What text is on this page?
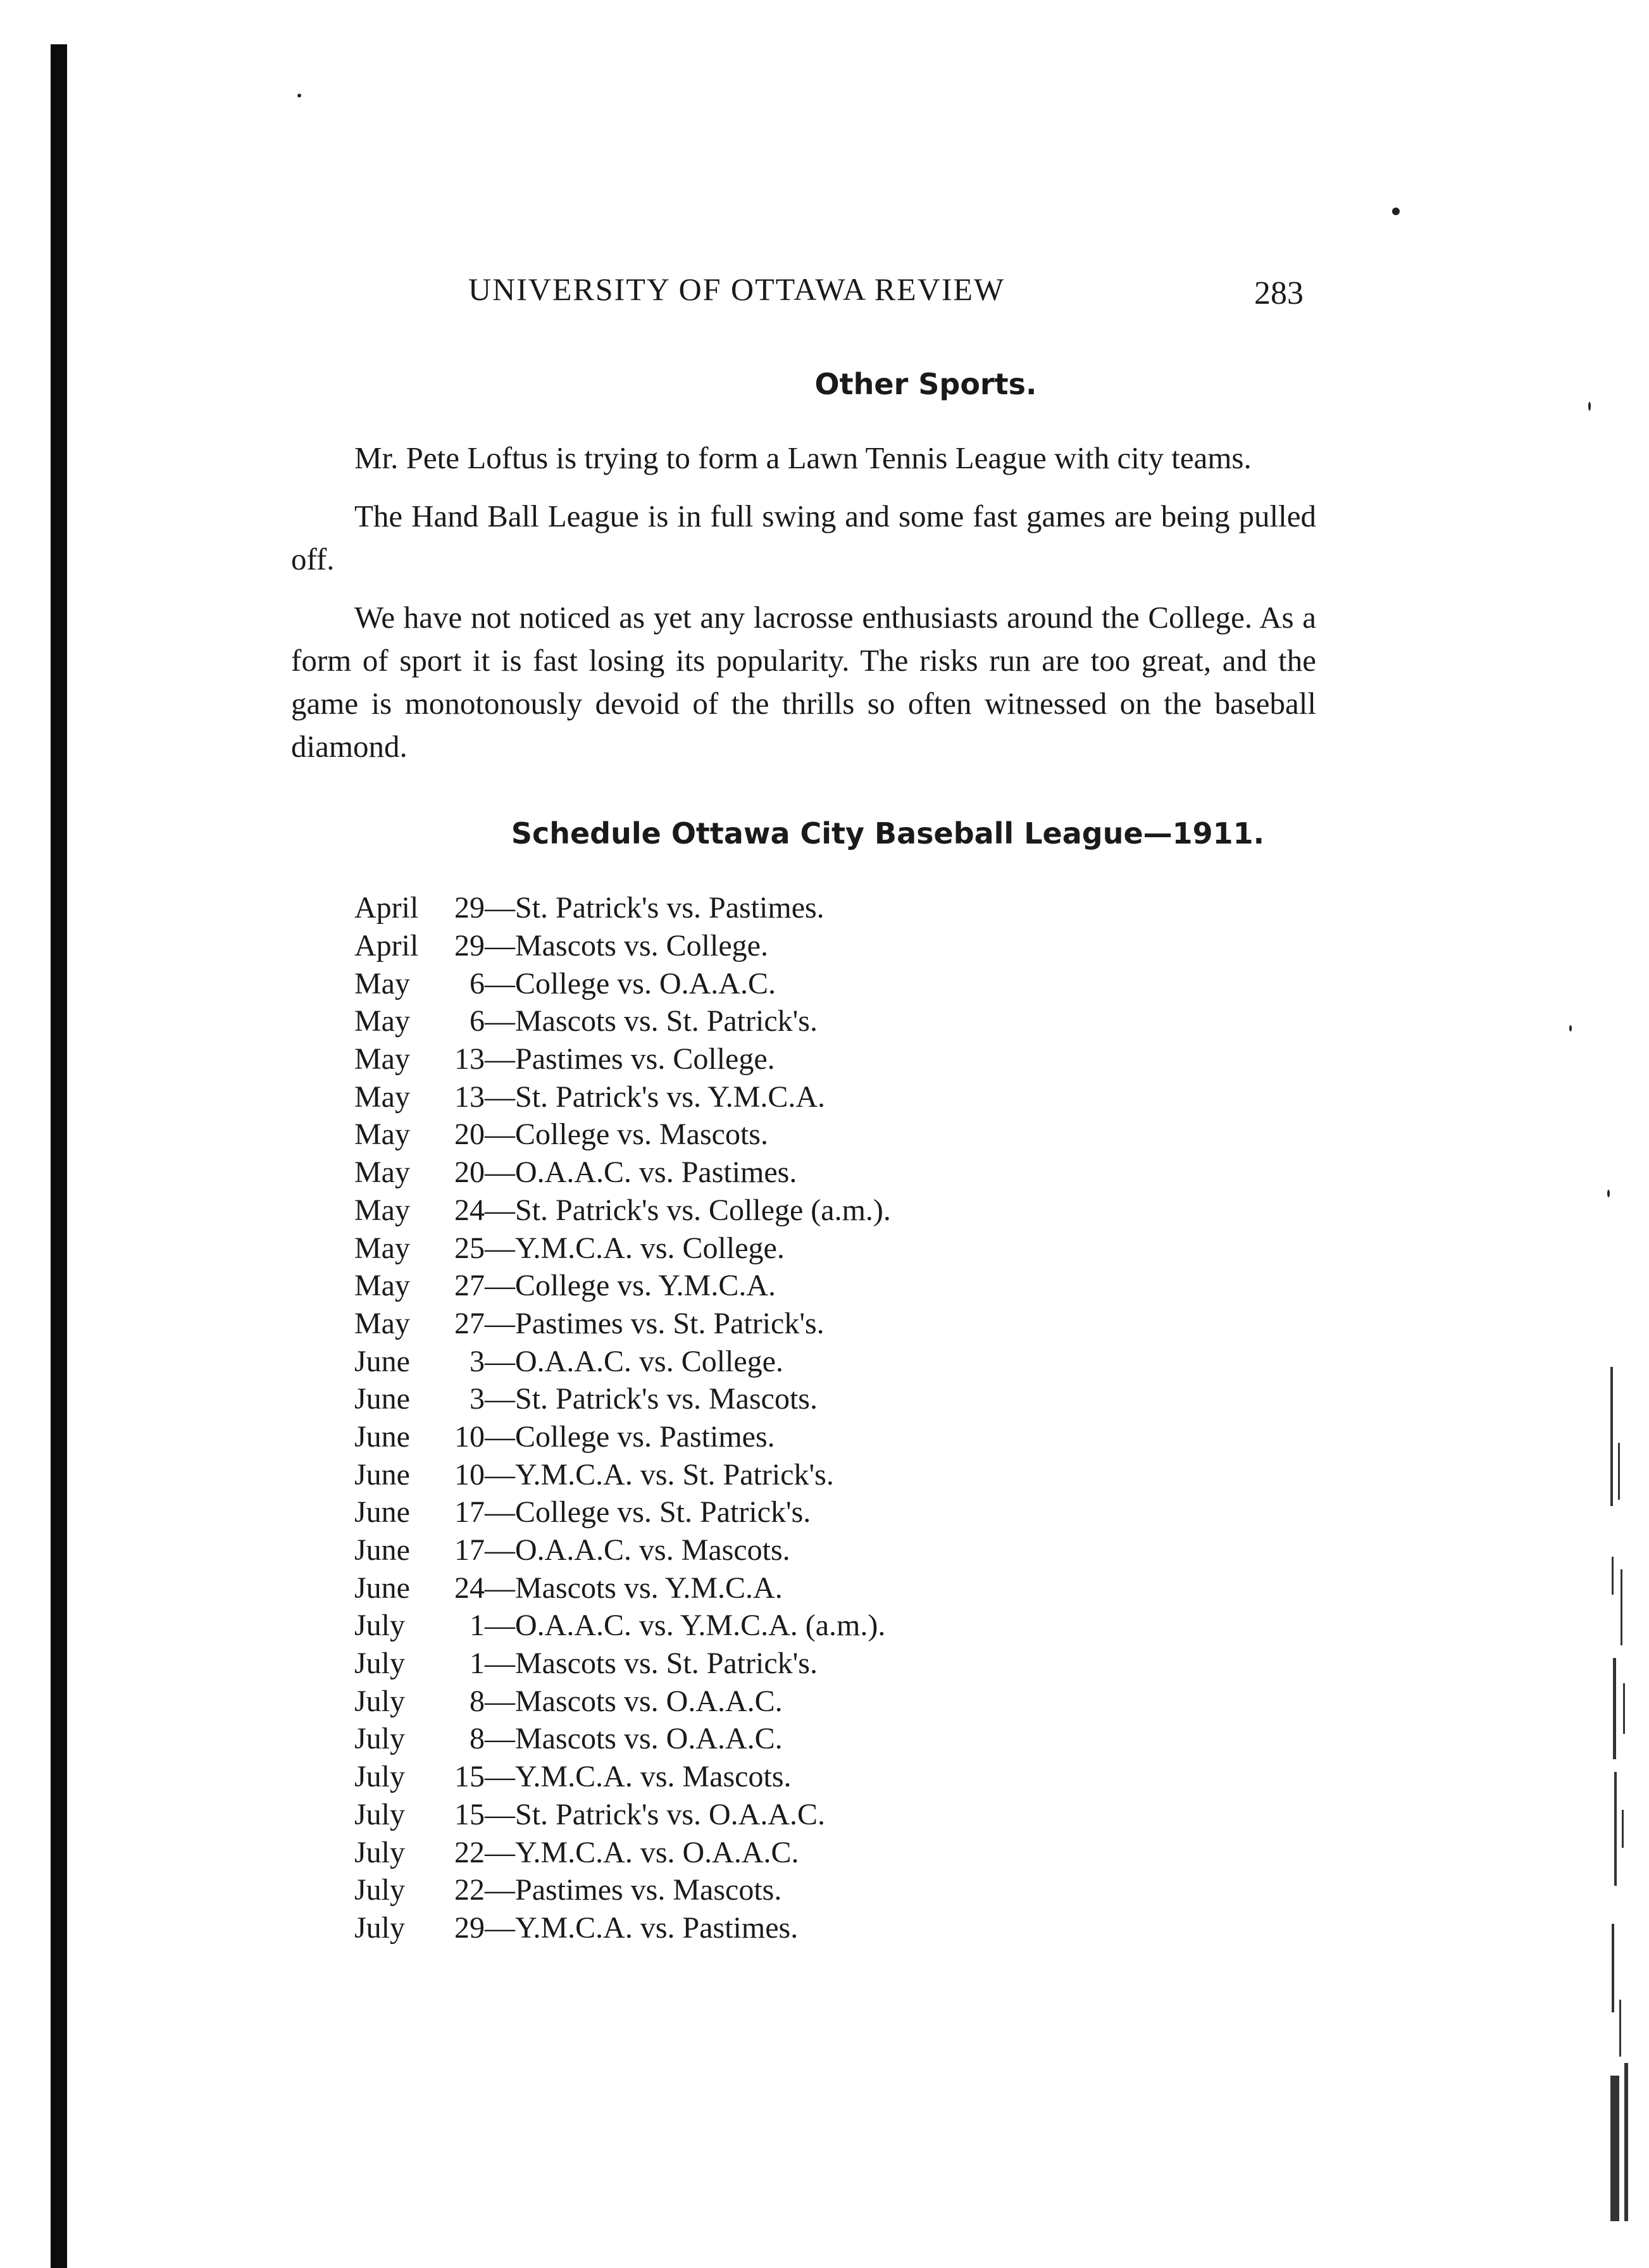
UNIVERSITY OF OTTAWA REVIEW	283
Other Sports.

Mr. Pete Loftus is trying to form a Lawn Tennis League with city teams.

The Hand Ball League is in full swing and some fast games are being pulled off.

We have not noticed as yet any lacrosse enthusiasts around the College. As a form of sport it is fast losing its popularity. The risks run are too great, and the game is monotonously devoid of the thrills so often witnessed on the baseball diamond.

Schedule Ottawa City Baseball League—1911.
April	29 — St. Patrick's vs. Pastimes.
April	29 — Mascots vs. College.
May	6 — College vs. O.A.A.C.
May	6 — Mascots vs. St. Patrick's.
May	13 — Pastimes vs. College.
May	13 — St. Patrick's vs. Y.M.C.A.
May	20 — College vs. Mascots.
May	20 — O.A.A.C. vs. Pastimes.
May	24 — St. Patrick's vs. College (a.m.).
May	25 — Y.M.C.A. vs. College.
May	27 — College vs. Y.M.C.A.
May	27 — Pastimes vs. St. Patrick's.
June	3 — O.A.A.C. vs. College.
June	3 — St. Patrick's vs. Mascots.
June	10 — College vs. Pastimes.
June	10 — Y.M.C.A. vs. St. Patrick's.
June	17 — College vs. St. Patrick's.
June	17 — O.A.A.C. vs. Mascots.
June	24 — Mascots vs. Y.M.C.A.
July	1 — O.A.A.C. vs. Y.M.C.A. (a.m.).
July	1 — Mascots vs. St. Patrick's.
July	8 — Mascots vs. O.A.A.C.
July	8 — Mascots vs. O.A.A.C.
July	15 — Y.M.C.A. vs. Mascots.
July	15 — St. Patrick's vs. O.A.A.C.
July	22 — Y.M.C.A. vs. O.A.A.C.
July	22 — Pastimes vs. Mascots.
July	29 — Y.M.C.A. vs. Pastimes.
